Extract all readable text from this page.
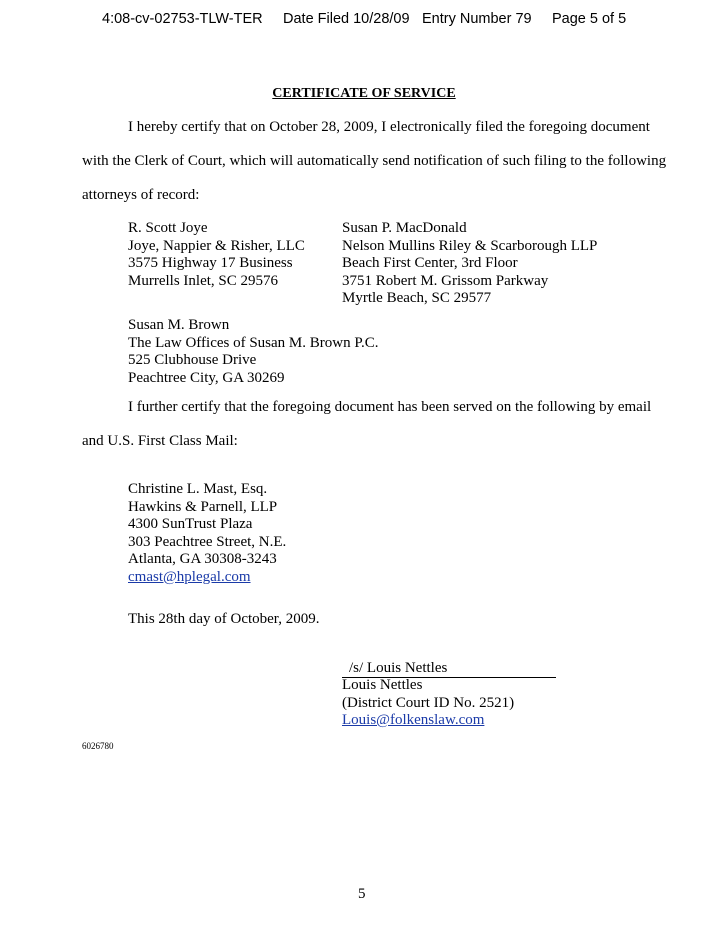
4:08-cv-02753-TLW-TER Date Filed 10/28/09 Entry Number 79 Page 5 of 5
CERTIFICATE OF SERVICE
I hereby certify that on October 28, 2009, I electronically filed the foregoing document
with the Clerk of Court, which will automatically send notification of such filing to the following
attorneys of record:
R. Scott Joye
Joye, Nappier & Risher, LLC
3575 Highway 17 Business
Murrells Inlet, SC 29576
Susan P. MacDonald
Nelson Mullins Riley & Scarborough LLP
Beach First Center, 3rd Floor
3751 Robert M. Grissom Parkway
Myrtle Beach, SC 29577
Susan M. Brown
The Law Offices of Susan M. Brown P.C.
525 Clubhouse Drive
Peachtree City, GA 30269
I further certify that the foregoing document has been served on the following by email
and U.S. First Class Mail:
Christine L. Mast, Esq.
Hawkins & Parnell, LLP
4300 SunTrust Plaza
303 Peachtree Street, N.E.
Atlanta, GA 30308-3243
cmast@hplegal.com
This 28th day of October, 2009.
/s/ Louis Nettles
Louis Nettles
(District Court ID No. 2521)
Louis@folkenslaw.com
6026780
5
